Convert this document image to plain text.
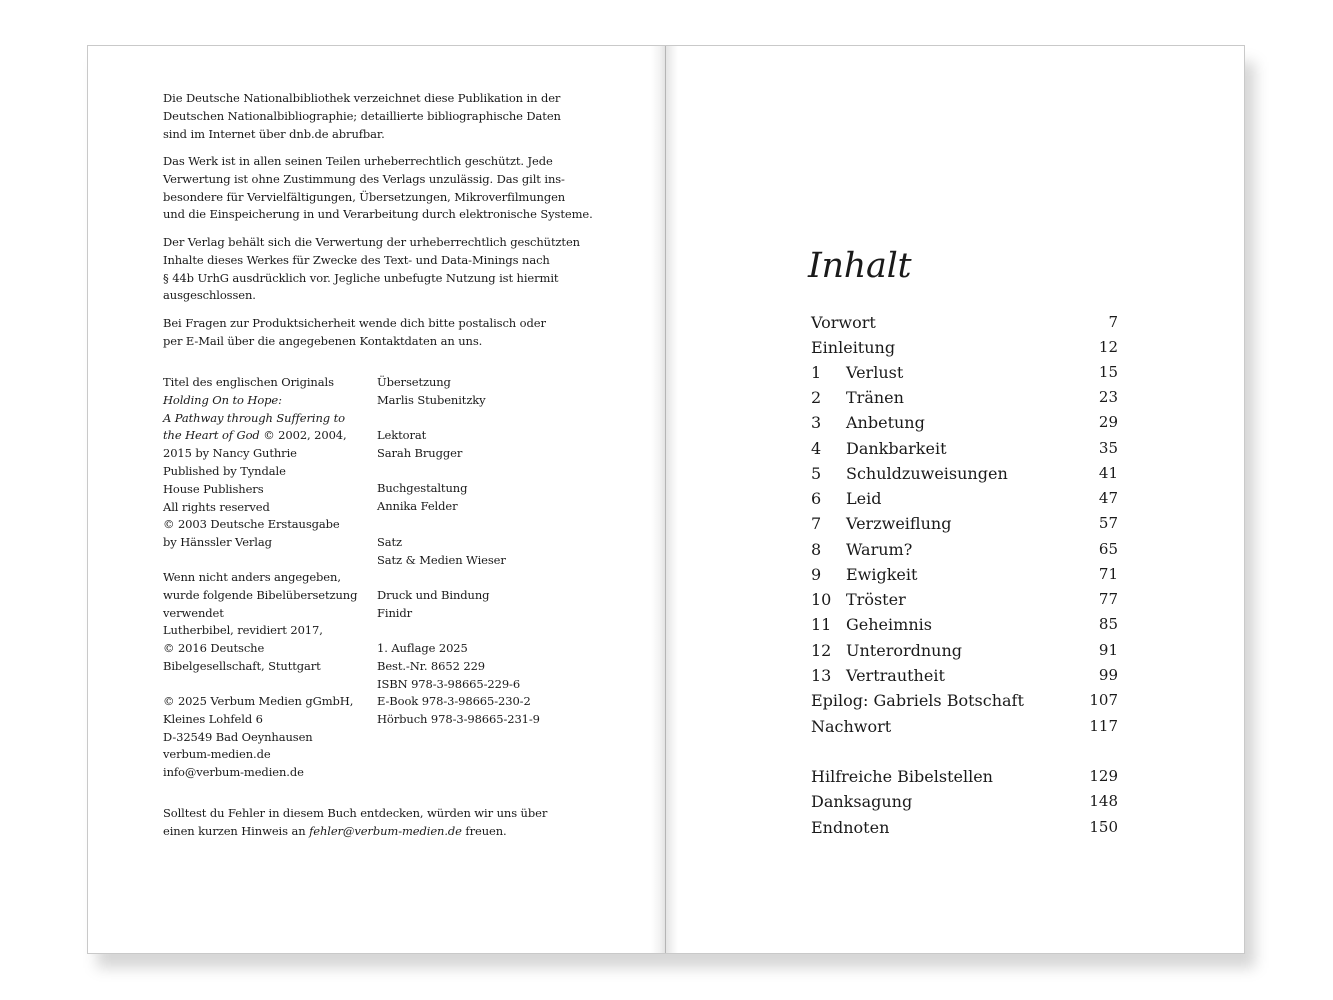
Die Deutsche Nationalbibliothek verzeichnet diese Publikation in der

Deutschen Nationalbibliographie; detaillierte bibliographische Daten

sind im Internet über dnb.de abrufbar.

Das Werk ist in allen seinen Teilen urheberrechtlich geschützt. Jede

Verwertung ist ohne Zustimmung des Verlags unzulässig. Das gilt ins-

besondere für Vervielfältigungen, Übersetzungen, Mikroverfilmungen

und die Einspeicherung in und Verarbeitung durch elektronische Systeme.

Der Verlag behält sich die Verwertung der urheberrechtlich geschützten

Inhalte dieses Werkes für Zwecke des Text- und Data-Minings nach

§ 44b UrhG ausdrücklich vor. Jegliche unbefugte Nutzung ist hiermit

ausgeschlossen.

Bei Fragen zur Produktsicherheit wende dich bitte postalisch oder

per E-Mail über die angegebenen Kontaktdaten an uns.

Titel des englischen Originals

Holding On to Hope:

A Pathway through Suffering to

the Heart of God © 2002, 2004,

2015 by Nancy Guthrie

Published by Tyndale

House Publishers

All rights reserved

© 2003 Deutsche Erstausgabe

by Hänssler Verlag

Wenn nicht anders angegeben,

wurde folgende Bibelübersetzung

verwendet

Lutherbibel, revidiert 2017,

© 2016 Deutsche

Bibelgesellschaft, Stuttgart

© 2025 Verbum Medien gGmbH,

Kleines Lohfeld 6

D-32549 Bad Oeynhausen

verbum-medien.de

info@verbum-medien.de

Übersetzung

Marlis Stubenitzky

Lektorat

Sarah Brugger

Buchgestaltung

Annika Felder

Satz

Satz & Medien Wieser

Druck und Bindung

Finidr

1. Auflage 2025

Best.-Nr. 8652 229

ISBN 978-3-98665-229-6

E-Book 978-3-98665-230-2

Hörbuch 978-3-98665-231-9

Solltest du Fehler in diesem Buch entdecken, würden wir uns über

einen kurzen Hinweis an fehler@verbum-medien.de freuen.

Inhalt
Vorwort	7
Einleitung	12
1 Verlust	15
2 Tränen	23
3 Anbetung	29
4 Dankbarkeit	35
5 Schuldzuweisungen	41
6 Leid	47
7 Verzweiflung	57
8 Warum?	65
9 Ewigkeit	71
10 Tröster	77
11 Geheimnis	85
12 Unterordnung	91
13 Vertrautheit	99
Epilog: Gabriels Botschaft	107
Nachwort	117
Hilfreiche Bibelstellen	129
Danksagung	148
Endnoten	150
